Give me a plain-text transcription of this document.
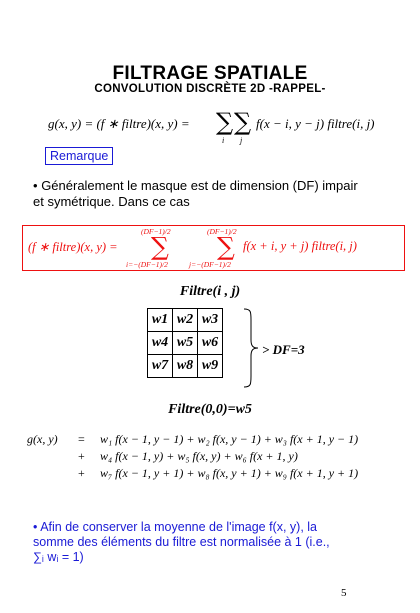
FILTRAGE SPATIALE
CONVOLUTION DISCRÈTE 2D -RAPPEL-
g(x, y) = (f ∗ filtre)(x, y) = ∑
i
∑
j
f(x − i, y − j) filtre(i, j)
Remarque
• Généralement le masque est de dimension (DF) impair
et symétrique. Dans ce cas
(f ∗ filtre)(x, y) =
(DF−1)/2
∑
i=−(DF−1)/2
(DF−1)/2
∑
j=−(DF−1)/2
f(x + i, y + j) filtre(i, j)
Filtre(i , j)
w1	w2	w3
w4	w5	w6
w7	w8	w9
> DF=3
Filtre(0,0)=w5
g(x, y) = w₁ f(x − 1, y − 1) + w₂ f(x, y − 1) + w₃ f(x + 1, y − 1)
+ w₄ f(x − 1, y) + w₅ f(x, y) + w₆ f(x + 1, y)
+ w₇ f(x − 1, y + 1) + w₈ f(x, y + 1) + w₉ f(x + 1, y + 1)
• Afin de conserver la moyenne de l'image f(x, y), la
somme des éléments du filtre est normalisée à 1 (i.e.,
∑ᵢ wᵢ = 1)
5
